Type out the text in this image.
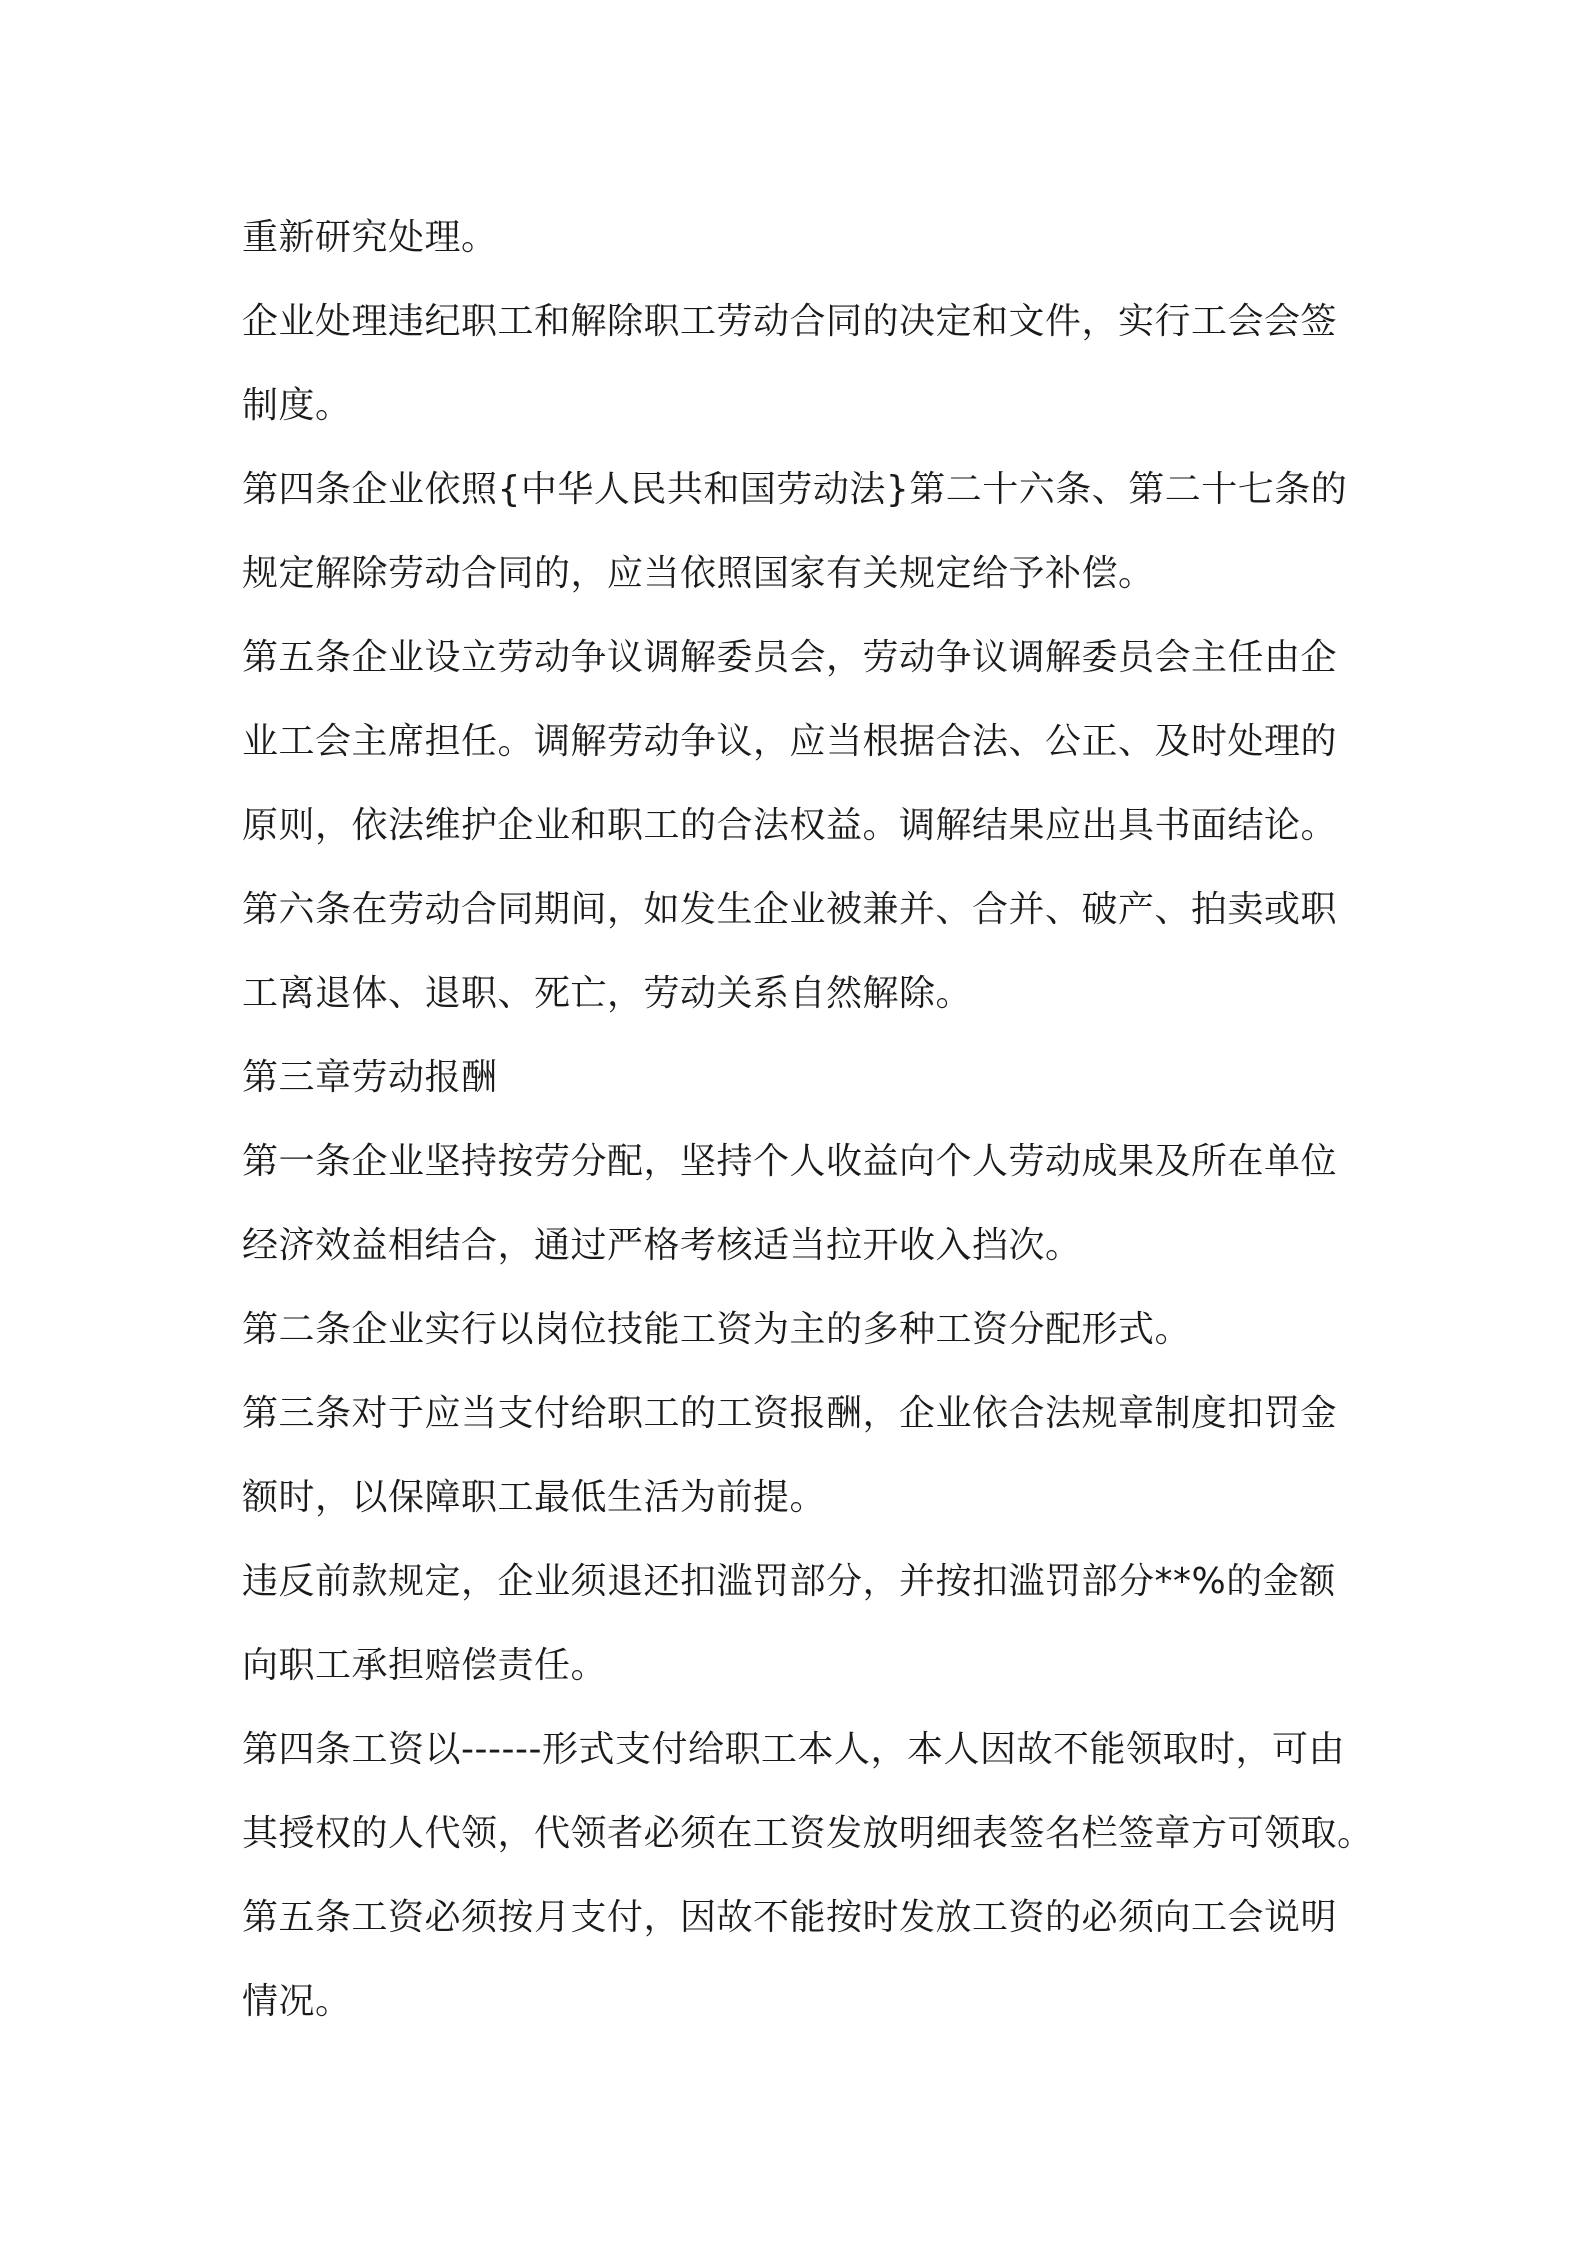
重新研究处理。
企业处理违纪职工和解除职工劳动合同的决定和文件，实行工会会签
制度。
第四条企业依照{中华人民共和国劳动法}第二十六条、第二十七条的
规定解除劳动合同的，应当依照国家有关规定给予补偿。
第五条企业设立劳动争议调解委员会，劳动争议调解委员会主任由企
业工会主席担任。调解劳动争议，应当根据合法、公正、及时处理的
原则，依法维护企业和职工的合法权益。调解结果应出具书面结论。
第六条在劳动合同期间，如发生企业被兼并、合并、破产、拍卖或职
工离退体、退职、死亡，劳动关系自然解除。
第三章劳动报酬
第一条企业坚持按劳分配，坚持个人收益向个人劳动成果及所在单位
经济效益相结合，通过严格考核适当拉开收入挡次。
第二条企业实行以岗位技能工资为主的多种工资分配形式。
第三条对于应当支付给职工的工资报酬，企业依合法规章制度扣罚金
额时，以保障职工最低生活为前提。
违反前款规定，企业须退还扣滥罚部分，并按扣滥罚部分**%的金额
向职工承担赔偿责任。
第四条工资以------形式支付给职工本人，本人因故不能领取时，可由
其授权的人代领，代领者必须在工资发放明细表签名栏签章方可领取。
第五条工资必须按月支付，因故不能按时发放工资的必须向工会说明
情况。
